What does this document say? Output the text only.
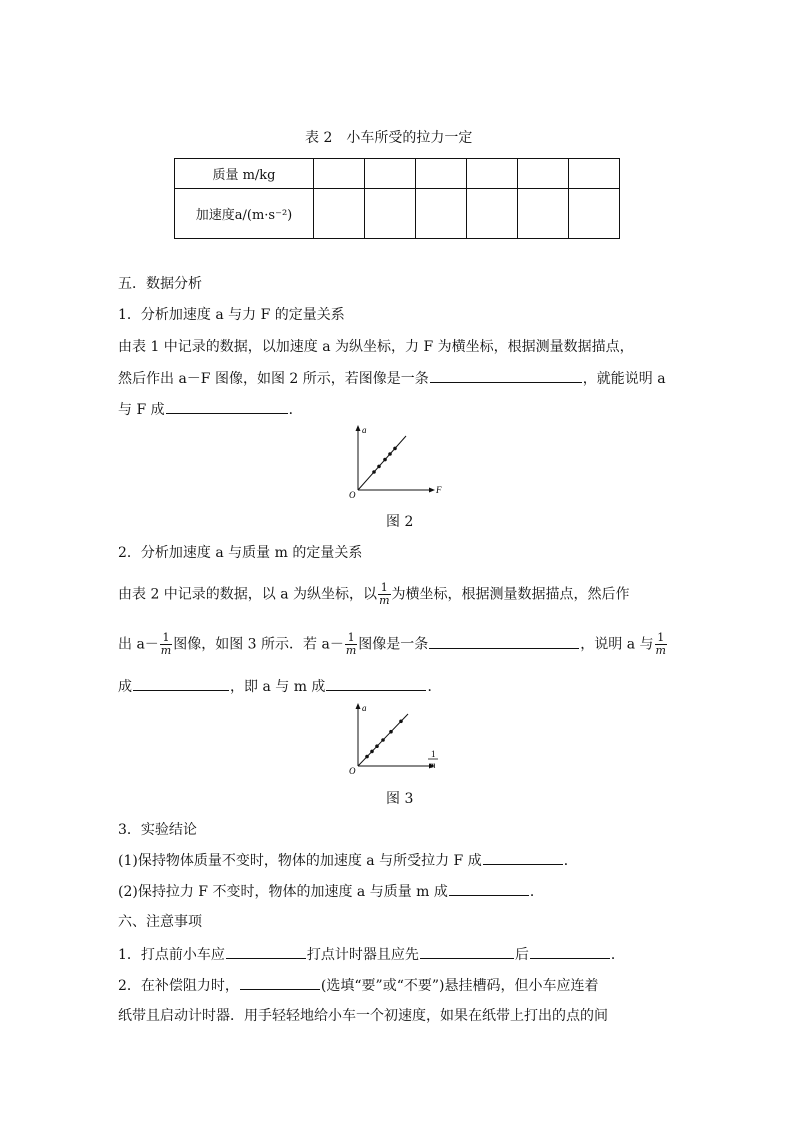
表 2　小车所受的拉力一定
质量 m/kg						
加速度a/(m·s⁻²)						
五．数据分析
1．分析加速度 a 与力 F 的定量关系
由表 1 中记录的数据，以加速度 a 为纵坐标，力 F 为横坐标，根据测量数据描点，
然后作出 a－F 图像，如图 2 所示，若图像是一条	，就能说明 a
与 F 成	．
a
F
O
图 2
2．分析加速度 a 与质量 m 的定量关系
由表 2 中记录的数据，以 a 为纵坐标，以 $\frac{1}{m}$ 为横坐标，根据测量数据描点，然后作
出 $a- \frac{1}{m}$ 图像，如图 3 所示．若 $a- \frac{1}{m}$ 图像是一条	，说明 a 与 $\frac{1}{m}$
成	，即 a 与 m 成	．
a
1
m
O
图 3
3．实验结论
(1)保持物体质量不变时，物体的加速度 a 与所受拉力 F 成	．
(2)保持拉力 F 不变时，物体的加速度 a 与质量 m 成	．
六、注意事项
1．打点前小车应	打点计时器且应先	后	．
2．在补偿阻力时，	(选填“要”或“不要”)悬挂槽码，但小车应连着
纸带且启动计时器．用手轻轻地给小车一个初速度，如果在纸带上打出的点的间
